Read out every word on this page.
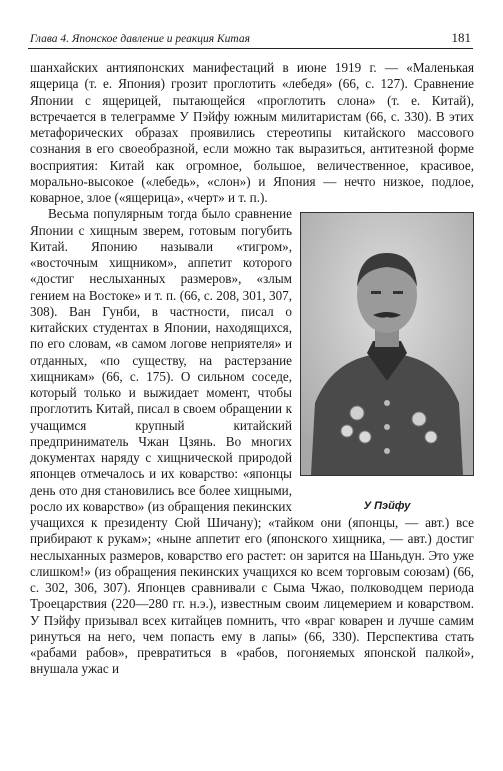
Глава 4. Японское давление и реакция Китая	181

шанхайских антияпонских манифестаций в июне 1919 г. — «Маленькая ящерица (т. е. Япония) грозит проглотить «лебедя» (66, с. 127). Сравнение Японии с ящерицей, пытающейся «проглотить слона» (т. е. Китай), встречается в телеграмме У Пэйфу южным милитаристам (66, с. 330). В этих метафорических образах проявились стереотипы китайского массового сознания в его своеобразной, если можно так выразиться, антитезной форме восприятия: Китай как огромное, большое, величественное, красивое, морально-высокое («лебедь», «слон») и Япония — нечто низкое, подлое, коварное, злое («ящерица», «черт» и т. п.).

У Пэйфу

Весьма популярным тогда было сравнение Японии с хищным зверем, готовым погубить Китай. Японию называли «тигром», «восточным хищником», аппетит которого «достиг неслыханных размеров», «злым гением на Востоке» и т. п. (66, с. 208, 301, 307, 308). Ван Гунби, в частности, писал о китайских студентах в Японии, находящихся, по его словам, «в самом логове неприятеля» и отданных, «по существу, на растерзание хищникам» (66, с. 175). О сильном соседе, который только и выжидает момент, чтобы проглотить Китай, писал в своем обращении к учащимся крупный китайский предприниматель Чжан Цзянь. Во многих документах наряду с хищнической природой японцев отмечалось и их коварство: «японцы день ото дня становились все более хищными, росло их коварство» (из обращения пекинских учащихся к президенту Сюй Шичану); «тайком они (японцы, — авт.) все прибирают к рукам»; «ныне аппетит его (японского хищника, — авт.) достиг неслыханных размеров, коварство его растет: он зарится на Шаньдун. Это уже слишком!» (из обращения пекинских учащихся ко всем торговым союзам) (66, с. 302, 306, 307). Японцев сравнивали с Сыма Чжао, полководцем периода Троецарствия (220—280 гг. н.э.), известным своим лицемерием и коварством. У Пэйфу призывал всех китайцев помнить, что «враг коварен и лучше самим ринуться на него, чем попасть ему в лапы» (66, 330). Перспектива стать «рабами рабов», превратиться в «рабов, погоняемых японской палкой», внушала ужас и
